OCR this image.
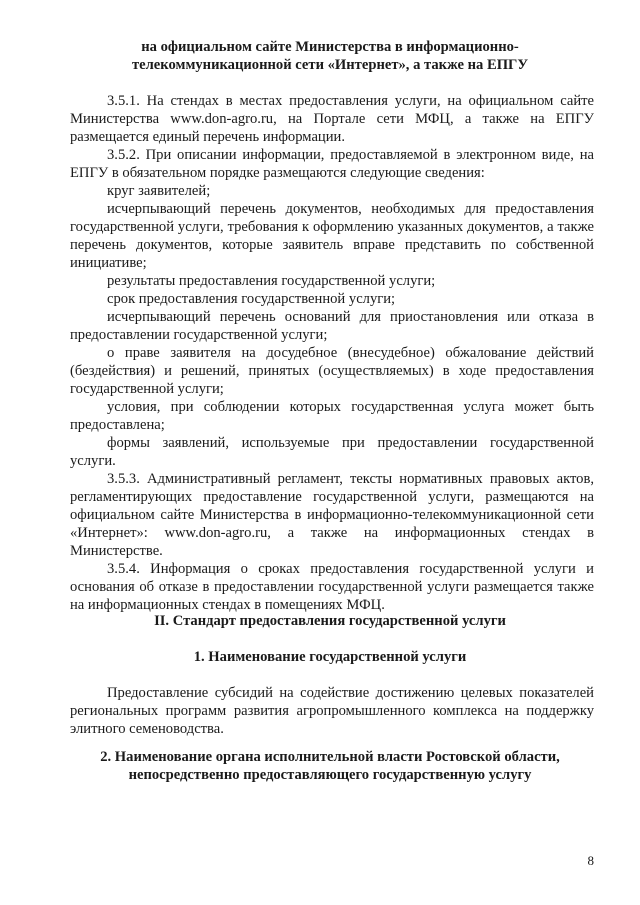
на официальном сайте Министерства в информационно-
телекоммуникационной сети «Интернет», а также на ЕПГУ

3.5.1. На стендах в местах предоставления услуги, на официальном сайте Министерства www.don-agro.ru, на Портале сети МФЦ, а также на ЕПГУ размещается единый перечень информации.

3.5.2. При описании информации, предоставляемой в электронном виде, на ЕПГУ в обязательном порядке размещаются следующие сведения:

круг заявителей;

исчерпывающий перечень документов, необходимых для предоставления государственной услуги, требования к оформлению указанных документов, а также перечень документов, которые заявитель вправе представить по собственной инициативе;

результаты предоставления государственной услуги;

срок предоставления государственной услуги;

исчерпывающий перечень оснований для приостановления или отказа в предоставлении государственной услуги;

о праве заявителя на досудебное (внесудебное) обжалование действий (бездействия) и решений, принятых (осуществляемых) в ходе предоставления государственной услуги;

условия, при соблюдении которых государственная услуга может быть предоставлена;

формы заявлений, используемые при предоставлении государственной услуги.

3.5.3. Административный регламент, тексты нормативных правовых актов, регламентирующих предоставление государственной услуги, размещаются на официальном сайте Министерства в информационно-телекоммуникационной сети «Интернет»: www.don-agro.ru, а также на информационных стендах в Министерстве.

3.5.4. Информация о сроках предоставления государственной услуги и основания об отказе в предоставлении государственной услуги размещается также на информационных стендах в помещениях МФЦ.

II. Стандарт предоставления государственной услуги
1. Наименование государственной услуги

Предоставление субсидий на содействие достижению целевых показателей региональных программ развития агропромышленного комплекса на поддержку элитного семеноводства.

2. Наименование органа исполнительной власти Ростовской области,
непосредственно предоставляющего государственную услугу
8
